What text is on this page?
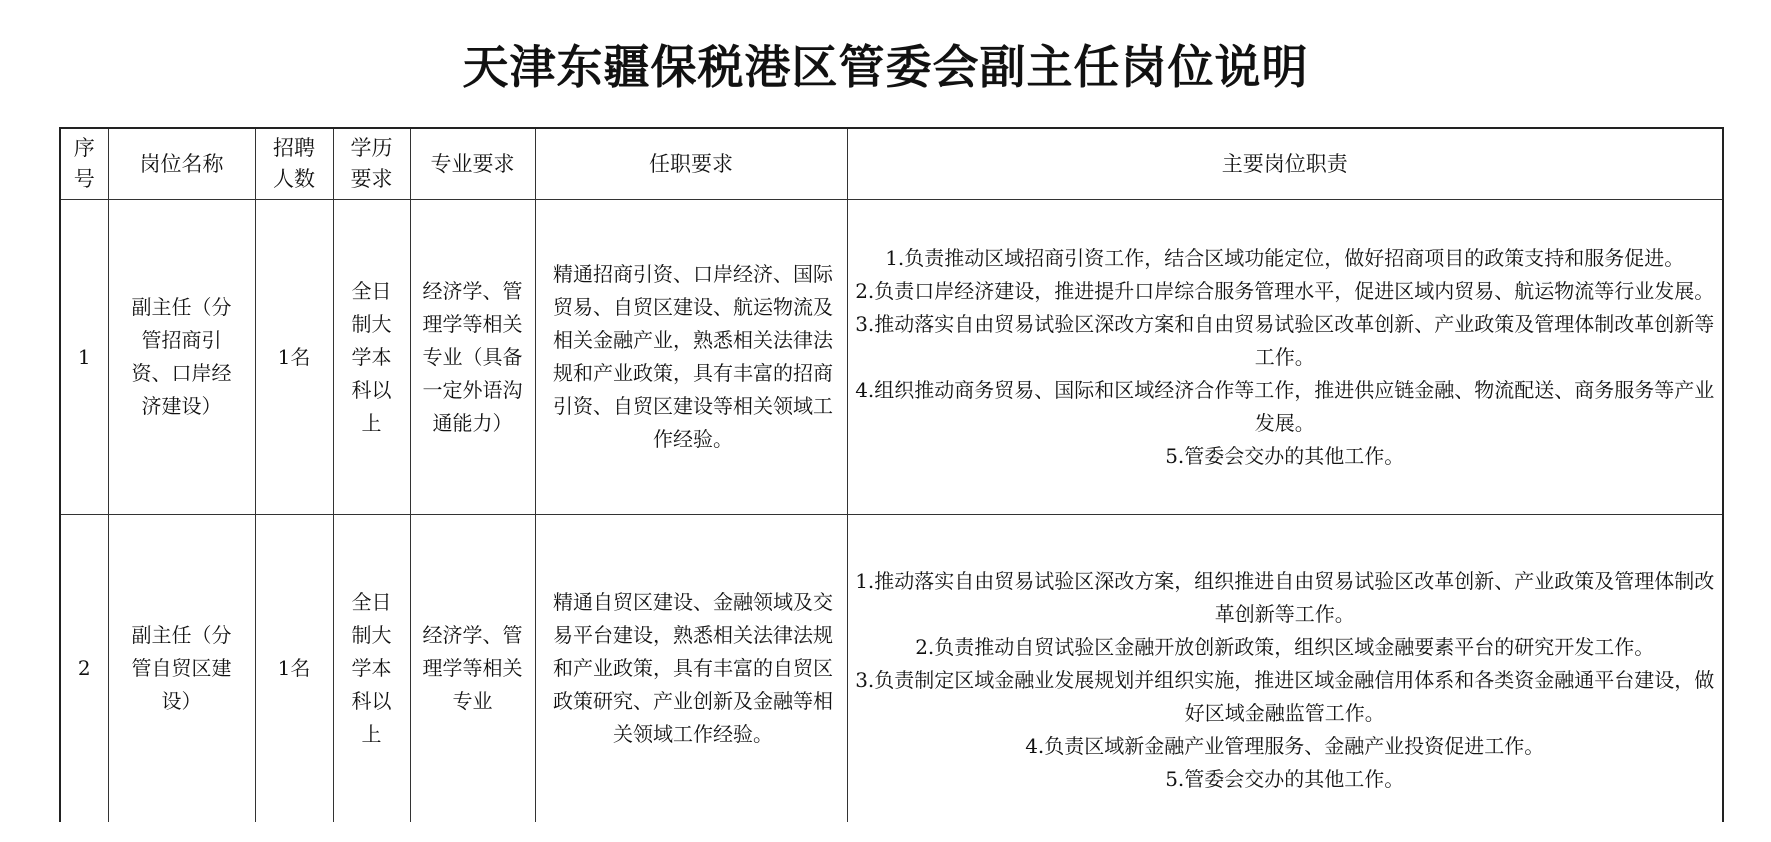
天津东疆保税港区管委会副主任岗位说明
序号	岗位名称	招聘人数	学历要求	专业要求	任职要求	主要岗位职责
1	副主任（分管招商引资、口岸经济建设）	1名	全日制大学本科以上	经济学、管理学等相关专业（具备一定外语沟通能力）	精通招商引资、口岸经济、国际贸易、自贸区建设、航运物流及相关金融产业，熟悉相关法律法规和产业政策，具有丰富的招商引资、自贸区建设等相关领域工作经验。	1.负责推动区域招商引资工作，结合区域功能定位，做好招商项目的政策支持和服务促进。

2.负责口岸经济建设，推进提升口岸综合服务管理水平，促进区域内贸易、航运物流等行业发展。

3.推动落实自由贸易试验区深改方案和自由贸易试验区改革创新、产业政策及管理体制改革创新等工作。

4.组织推动商务贸易、国际和区域经济合作等工作，推进供应链金融、物流配送、商务服务等产业发展。

5.管委会交办的其他工作。

2	副主任（分管自贸区建设）	1名	全日制大学本科以上	经济学、管理学等相关专业	精通自贸区建设、金融领域及交易平台建设，熟悉相关法律法规和产业政策，具有丰富的自贸区政策研究、产业创新及金融等相关领域工作经验。	1.推动落实自由贸易试验区深改方案，组织推进自由贸易试验区改革创新、产业政策及管理体制改革创新等工作。

2.负责推动自贸试验区金融开放创新政策，组织区域金融要素平台的研究开发工作。

3.负责制定区域金融业发展规划并组织实施，推进区域金融信用体系和各类资金融通平台建设，做好区域金融监管工作。

4.负责区域新金融产业管理服务、金融产业投资促进工作。

5.管委会交办的其他工作。
